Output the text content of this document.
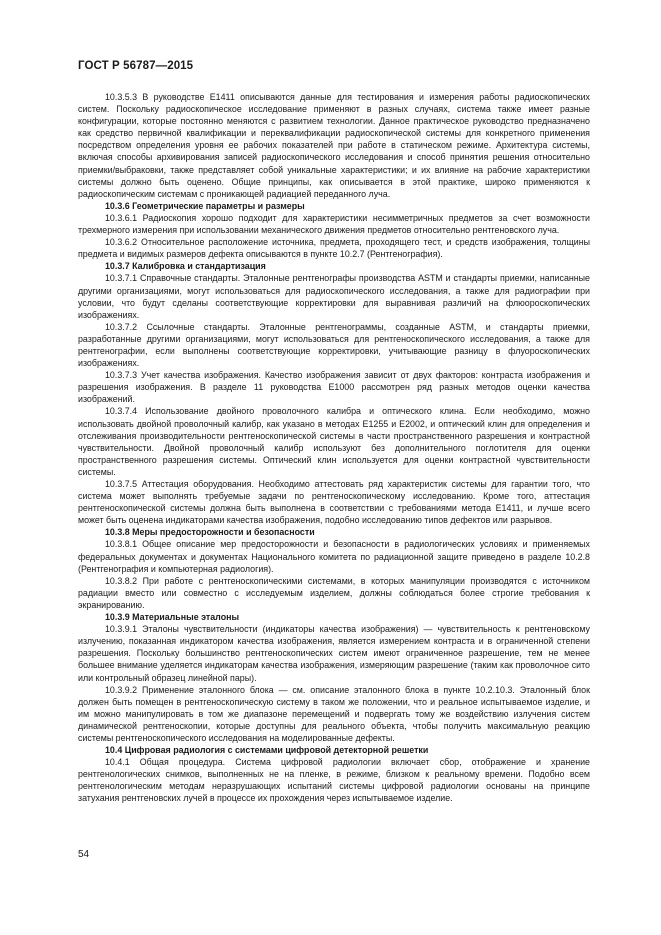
ГОСТ Р 56787—2015

10.3.5.3 В руководстве Е1411 описываются данные для тестирования и измерения работы радиоскопических систем. Поскольку радиоскопическое исследование применяют в разных случаях, система также имеет разные конфигурации, которые постоянно меняются с развитием технологии. Данное практическое руководство предназначено как средство первичной квалификации и переквалификации радиоскопической системы для конкретного применения посредством определения уровня ее рабочих показателей при работе в статическом режиме. Архитектура системы, включая способы архивирования записей радиоскопического исследования и способ принятия решения относительно приемки/выбраковки, также представляет собой уникальные характеристики; и их влияние на рабочие характеристики системы должно быть оценено. Общие принципы, как описывается в этой практике, широко применяются к радиоскопическим системам с проникающей радиацией переданного луча.

10.3.6 Геометрические параметры и размеры

10.3.6.1 Радиоскопия хорошо подходит для характеристики несимметричных предметов за счет возможности трехмерного измерения при использовании механического движения предметов относительно рентгеновского луча.

10.3.6.2 Относительное расположение источника, предмета, проходящего тест, и средств изображения, толщины предмета и видимых размеров дефекта описываются в пункте 10.2.7 (Рентгенография).

10.3.7 Калибровка и стандартизация

10.3.7.1 Справочные стандарты. Эталонные рентгенографы производства ASTM и стандарты приемки, написанные другими организациями, могут использоваться для радиоскопического исследования, а также для радиографии при условии, что будут сделаны соответствующие корректировки для выравнивая различий на флюороскопических изображениях.

10.3.7.2 Ссылочные стандарты. Эталонные рентгенограммы, созданные ASTM, и стандарты приемки, разработанные другими организациями, могут использоваться для рентгеноскопического исследования, а также для рентгенографии, если выполнены соответствующие корректировки, учитывающие разницу в флуороскопических изображениях.

10.3.7.3 Учет качества изображения. Качество изображения зависит от двух факторов: контраста изображения и разрешения изображения. В разделе 11 руководства Е1000 рассмотрен ряд разных методов оценки качества изображений.

10.3.7.4 Использование двойного проволочного калибра и оптического клина. Если необходимо, можно использовать двойной проволочный калибр, как указано в методах Е1255 и Е2002, и оптический клин для определения и отслеживания производительности рентгеноскопической системы в части пространственного разрешения и контрастной чувствительности. Двойной проволочный калибр используют без дополнительного поглотителя для оценки пространственного разрешения системы. Оптический клин используется для оценки контрастной чувствительности системы.

10.3.7.5 Аттестация оборудования. Необходимо аттестовать ряд характеристик системы для гарантии того, что система может выполнять требуемые задачи по рентгеноскопическому исследованию. Кроме того, аттестация рентгеноскопической системы должна быть выполнена в соответствии с требованиями метода Е1411, и лучше всего может быть оценена индикаторами качества изображения, подобно исследованию типов дефектов или разрывов.

10.3.8 Меры предосторожности и безопасности

10.3.8.1 Общее описание мер предосторожности и безопасности в радиологических условиях и применяемых федеральных документах и документах Национального комитета по радиационной защите приведено в разделе 10.2.8 (Рентгенография и компьютерная радиология).

10.3.8.2 При работе с рентгеноскопическими системами, в которых манипуляции производятся с источником радиации вместо или совместно с исследуемым изделием, должны соблюдаться более строгие требования к экранированию.

10.3.9 Материальные эталоны

10.3.9.1 Эталоны чувствительности (индикаторы качества изображения) — чувствительность к рентгеновскому излучению, показанная индикатором качества изображения, является измерением контраста и в ограниченной степени разрешения. Поскольку большинство рентгеноскопических систем имеют ограниченное разрешение, тем не менее большее внимание уделяется индикаторам качества изображения, измеряющим разрешение (таким как проволочное сито или контрольный образец линейной пары).

10.3.9.2 Применение эталонного блока — см. описание эталонного блока в пункте 10.2.10.3. Эталонный блок должен быть помещен в рентгеноскопическую систему в таком же положении, что и реальное испытываемое изделие, и им можно манипулировать в том же диапазоне перемещений и подвергать тому же воздействию излучения систем динамической рентгеноскопии, которые доступны для реального объекта, чтобы получить максимальную реакцию системы рентгеноскопического исследования на моделированные дефекты.

10.4 Цифровая радиология с системами цифровой детекторной решетки

10.4.1 Общая процедура. Система цифровой радиологии включает сбор, отображение и хранение рентгенологических снимков, выполненных не на пленке, в режиме, близком к реальному времени. Подобно всем рентгенологическим методам неразрушающих испытаний системы цифровой радиологии основаны на принципе затухания рентгеновских лучей в процессе их прохождения через испытываемое изделие.

54
